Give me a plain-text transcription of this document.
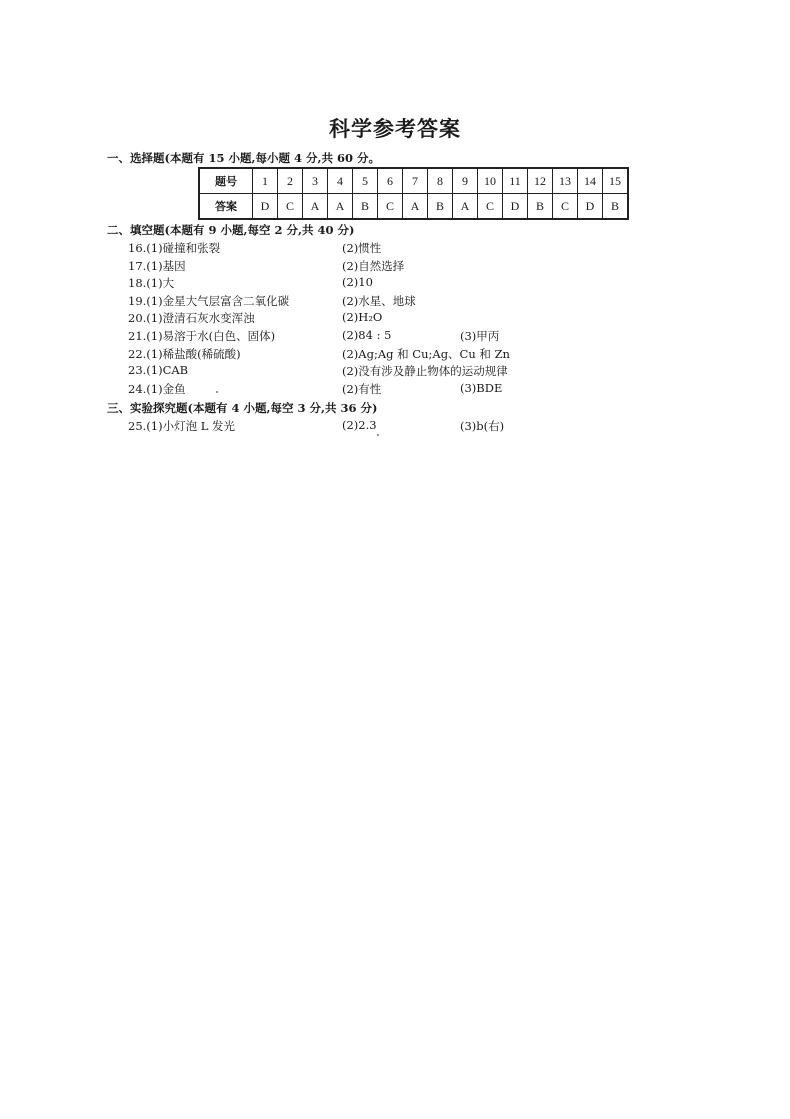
科学参考答案
一、选择题(本题有 15 小题,每小题 4 分,共 60 分。
题号	1	2	3	4	5	6	7	8	9	10	11	12	13	14	15
答案	D	C	A	A	B	C	A	B	A	C	D	B	C	D	B
二、填空题(本题有 9 小题,每空 2 分,共 40 分)
16.(1)碰撞和张裂	(2)惯性
17.(1)基因	(2)自然选择
18.(1)大	(2)10
19.(1)金星大气层富含二氧化碳	(2)水星、地球
20.(1)澄清石灰水变浑浊	(2)H₂O
21.(1)易溶于水(白色、固体)	(2)84 : 5	(3)甲丙
22.(1)稀盐酸(稀硫酸)	(2)Ag;Ag 和 Cu;Ag、Cu 和 Zn
23.(1)CAB	(2)没有涉及静止物体的运动规律
24.(1)金鱼	(2)有性	(3)BDE
三、实验探究题(本题有 4 小题,每空 3 分,共 36 分)
25.(1)小灯泡 L 发光	(2)2.3	(3)b(右)
